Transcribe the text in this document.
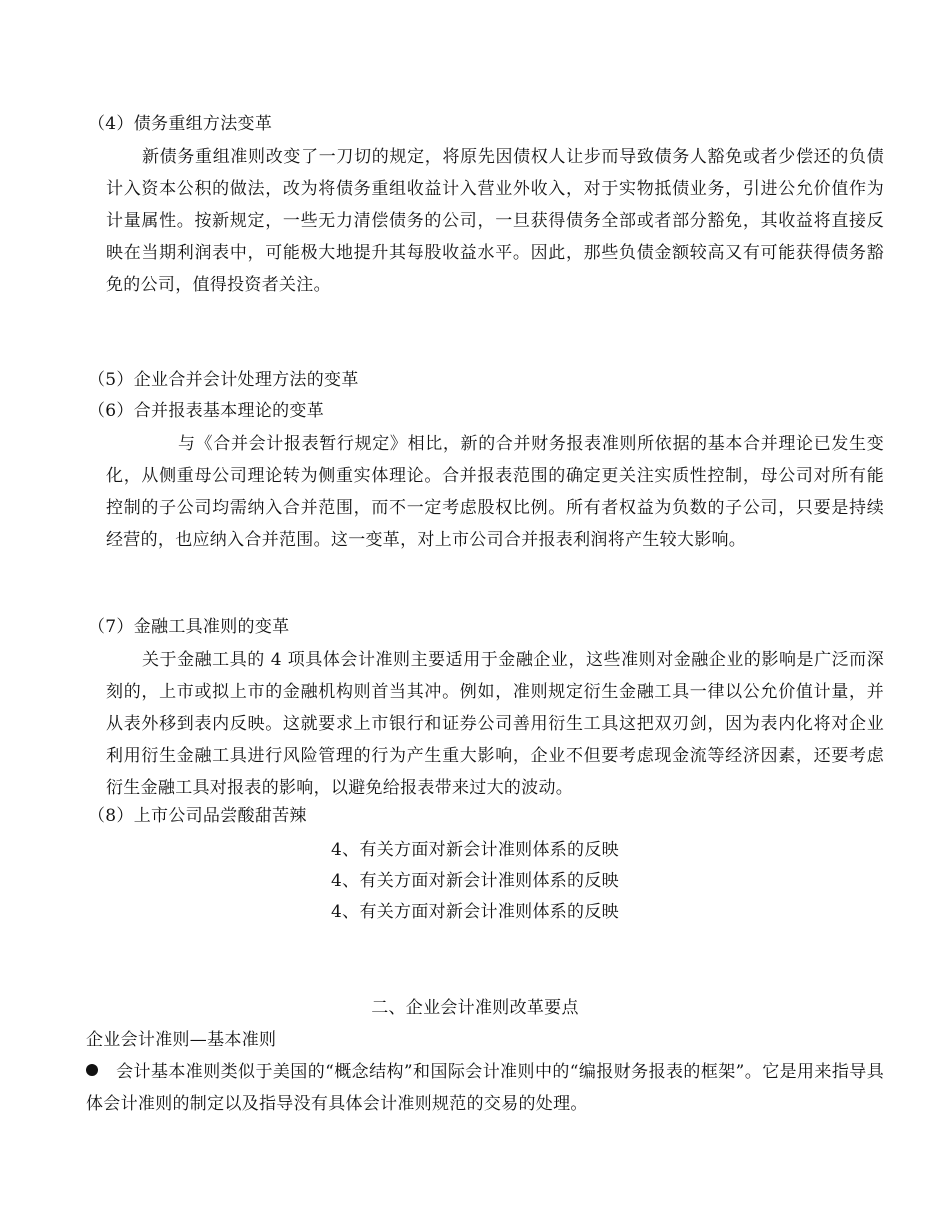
（4）债务重组方法变革
新债务重组准则改变了一刀切的规定，将原先因债权人让步而导致债务人豁免或者少偿还的负债计入资本公积的做法，改为将债务重组收益计入营业外收入，对于实物抵债业务，引进公允价值作为计量属性。按新规定，一些无力清偿债务的公司，一旦获得债务全部或者部分豁免，其收益将直接反映在当期利润表中，可能极大地提升其每股收益水平。因此，那些负债金额较高又有可能获得债务豁免的公司，值得投资者关注。
（5）企业合并会计处理方法的变革
（6）合并报表基本理论的变革
与《合并会计报表暂行规定》相比，新的合并财务报表准则所依据的基本合并理论已发生变化，从侧重母公司理论转为侧重实体理论。合并报表范围的确定更关注实质性控制，母公司对所有能控制的子公司均需纳入合并范围，而不一定考虑股权比例。所有者权益为负数的子公司，只要是持续经营的，也应纳入合并范围。这一变革，对上市公司合并报表利润将产生较大影响。
（7）金融工具准则的变革
关于金融工具的 4 项具体会计准则主要适用于金融企业，这些准则对金融企业的影响是广泛而深刻的，上市或拟上市的金融机构则首当其冲。例如，准则规定衍生金融工具一律以公允价值计量，并从表外移到表内反映。这就要求上市银行和证券公司善用衍生工具这把双刃剑，因为表内化将对企业利用衍生金融工具进行风险管理的行为产生重大影响，企业不但要考虑现金流等经济因素，还要考虑衍生金融工具对报表的影响，以避免给报表带来过大的波动。
（8）上市公司品尝酸甜苦辣
4、有关方面对新会计准则体系的反映
4、有关方面对新会计准则体系的反映
4、有关方面对新会计准则体系的反映
二、企业会计准则改革要点
企业会计准则—基本准则
会计基本准则类似于美国的“概念结构”和国际会计准则中的“编报财务报表的框架”。它是用来指导具体会计准则的制定以及指导没有具体会计准则规范的交易的处理。
